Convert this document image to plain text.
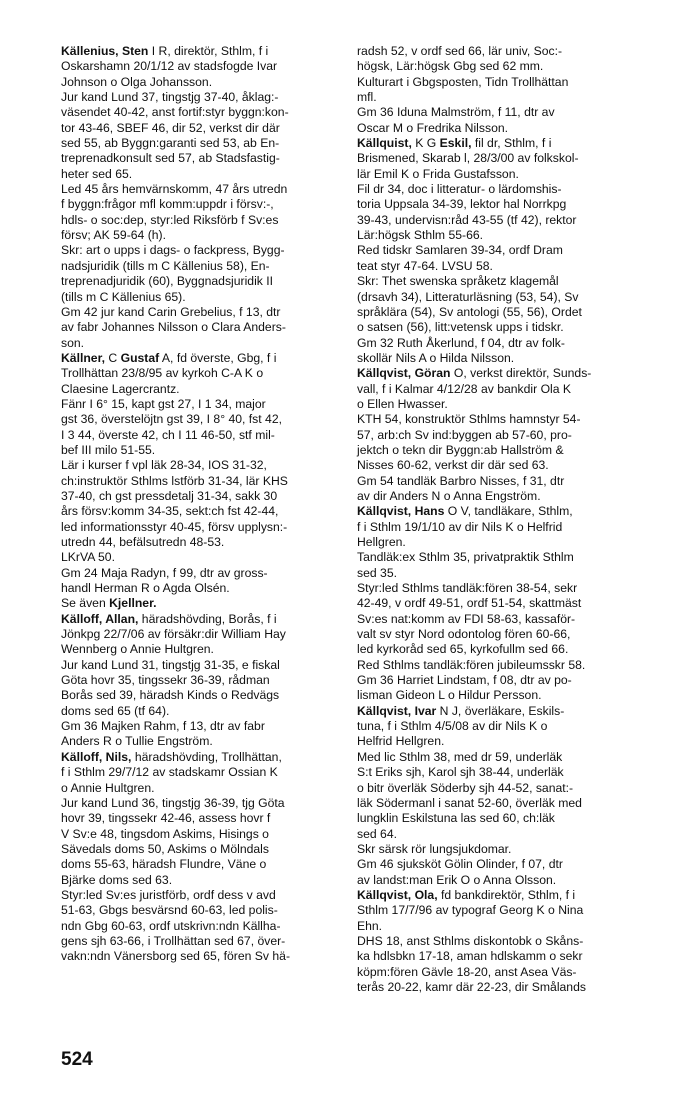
Källenius, Sten I R, direktör, Sthlm, f i
Oskarshamn 20/1/12 av stadsfogde Ivar
Johnson o Olga Johansson.
Jur kand Lund 37, tingstjg 37-40, åklag:-
väsendet 40-42, anst fortif:styr byggn:kon-
tor 43-46, SBEF 46, dir 52, verkst dir där
sed 55, ab Byggn:garanti sed 53, ab En-
treprenadkonsult sed 57, ab Stadsfastig-
heter sed 65.
Led 45 års hemvärnskomm, 47 års utredn
f byggn:frågor mfl komm:uppdr i försv:-,
hdls- o soc:dep, styr:led Riksförb f Sv:es
försv; AK 59-64 (h).
Skr: art o upps i dags- o fackpress, Bygg-
nadsjuridik (tills m C Källenius 58), En-
treprenadjuridik (60), Byggnadsjuridik II
(tills m C Källenius 65).
Gm 42 jur kand Carin Grebelius, f 13, dtr
av fabr Johannes Nilsson o Clara Anders-
son.
Källner, C Gustaf A, fd överste, Gbg, f i
Trollhättan 23/8/95 av kyrkoh C-A K o
Claesine Lagercrantz.
Fänr I 6° 15, kapt gst 27, I 1 34, major
gst 36, överstelöjtn gst 39, I 8° 40, fst 42,
I 3 44, överste 42, ch I 11 46-50, stf mil-
bef III milo 51-55.
Lär i kurser f vpl läk 28-34, IOS 31-32,
ch:instruktör Sthlms lstförb 31-34, lär KHS
37-40, ch gst pressdetalj 31-34, sakk 30
års försv:komm 34-35, sekt:ch fst 42-44,
led informationsstyr 40-45, försv upplysn:-
utredn 44, befälsutredn 48-53.
LKrVA 50.
Gm 24 Maja Radyn, f 99, dtr av gross-
handl Herman R o Agda Olsén.
Se även Kjellner.
Källoff, Allan, häradshövding, Borås, f i
Jönkpg 22/7/06 av försäkr:dir William Hay
Wennberg o Annie Hultgren.
Jur kand Lund 31, tingstjg 31-35, e fiskal
Göta hovr 35, tingssekr 36-39, rådman
Borås sed 39, häradsh Kinds o Redvägs
doms sed 65 (tf 64).
Gm 36 Majken Rahm, f 13, dtr av fabr
Anders R o Tullie Engström.
Källoff, Nils, häradshövding, Trollhättan,
f i Sthlm 29/7/12 av stadskamr Ossian K
o Annie Hultgren.
Jur kand Lund 36, tingstjg 36-39, tjg Göta
hovr 39, tingssekr 42-46, assess hovr f
V Sv:e 48, tingsdom Askims, Hisings o
Sävedals doms 50, Askims o Mölndals
doms 55-63, häradsh Flundre, Väne o
Bjärke doms sed 63.
Styr:led Sv:es juristförb, ordf dess v avd
51-63, Gbgs besvärsnd 60-63, led polis-
ndn Gbg 60-63, ordf utskrivn:ndn Källha-
gens sjh 63-66, i Trollhättan sed 67, över-
vakn:ndn Vänersborg sed 65, fören Sv hä-
radsh 52, v ordf sed 66, lär univ, Soc:-
högsk, Lär:högsk Gbg sed 62 mm.
Kulturart i Gbgsposten, Tidn Trollhättan
mfl.
Gm 36 Iduna Malmström, f 11, dtr av
Oscar M o Fredrika Nilsson.
Källquist, K G Eskil, fil dr, Sthlm, f i
Brismened, Skarab l, 28/3/00 av folkskol-
lär Emil K o Frida Gustafsson.
Fil dr 34, doc i litteratur- o lärdomshis-
toria Uppsala 34-39, lektor hal Norrkpg
39-43, undervisn:råd 43-55 (tf 42), rektor
Lär:högsk Sthlm 55-66.
Red tidskr Samlaren 39-34, ordf Dram
teat styr 47-64. LVSU 58.
Skr: Thet swenska språketz klagemål
(drsavh 34), Litteraturläsning (53, 54), Sv
språklära (54), Sv antologi (55, 56), Ordet
o satsen (56), litt:vetensk upps i tidskr.
Gm 32 Ruth Åkerlund, f 04, dtr av folk-
skollär Nils A o Hilda Nilsson.
Källqvist, Göran O, verkst direktör, Sunds-
vall, f i Kalmar 4/12/28 av bankdir Ola K
o Ellen Hwasser.
KTH 54, konstruktör Sthlms hamnstyr 54-
57, arb:ch Sv ind:byggen ab 57-60, pro-
jektch o tekn dir Byggn:ab Hallström &
Nisses 60-62, verkst dir där sed 63.
Gm 54 tandläk Barbro Nisses, f 31, dtr
av dir Anders N o Anna Engström.
Källqvist, Hans O V, tandläkare, Sthlm,
f i Sthlm 19/1/10 av dir Nils K o Helfrid
Hellgren.
Tandläk:ex Sthlm 35, privatpraktik Sthlm
sed 35.
Styr:led Sthlms tandläk:fören 38-54, sekr
42-49, v ordf 49-51, ordf 51-54, skattmäst
Sv:es nat:komm av FDI 58-63, kassaför-
valt sv styr Nord odontolog fören 60-66,
led kyrkoråd sed 65, kyrkofullm sed 66.
Red Sthlms tandläk:fören jubileumsskr 58.
Gm 36 Harriet Lindstam, f 08, dtr av po-
lisman Gideon L o Hildur Persson.
Källqvist, Ivar N J, överläkare, Eskils-
tuna, f i Sthlm 4/5/08 av dir Nils K o
Helfrid Hellgren.
Med lic Sthlm 38, med dr 59, underläk
S:t Eriks sjh, Karol sjh 38-44, underläk
o bitr överläk Söderby sjh 44-52, sanat:-
läk Södermanl i sanat 52-60, överläk med
lungklin Eskilstuna las sed 60, ch:läk
sed 64.
Skr särsk rör lungsjukdomar.
Gm 46 sjuksköt Gölin Olinder, f 07, dtr
av landst:man Erik O o Anna Olsson.
Källqvist, Ola, fd bankdirektör, Sthlm, f i
Sthlm 17/7/96 av typograf Georg K o Nina
Ehn.
DHS 18, anst Sthlms diskontobk o Skåns-
ka hdlsbkn 17-18, aman hdlskamm o sekr
köpm:fören Gävle 18-20, anst Asea Väs-
terås 20-22, kamr där 22-23, dir Smålands
524
